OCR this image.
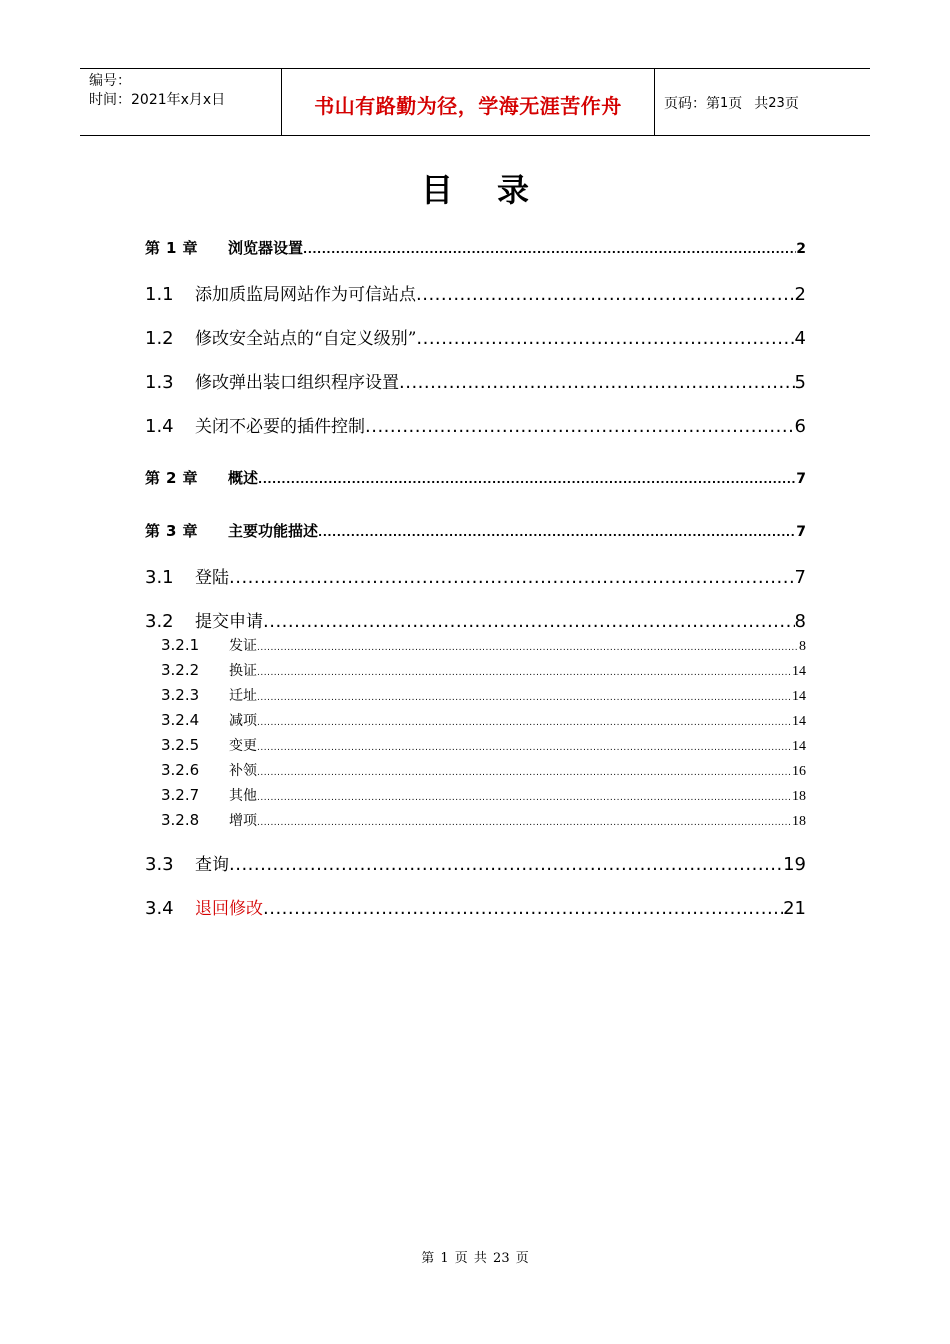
编号：
时间：2021年x月x日	书山有路勤为径，学海无涯苦作舟	页码：第 1 页 共 23 页
目录
第 1 章	浏览器设置 .....	2
1.1	添加质监局网站作为可信站点 .....	2
1.2	修改安全站点的“自定义级别” .....	4
1.3	修改弹出装口组织程序设置 .....	5
1.4	关闭不必要的插件控制 .....	6
第 2 章	概述 .....	7
第 3 章	主要功能描述 .....	7
3.1	登陆 .....	7
3.2	提交申请 .....	8
3.2.1	发证 .....	8
3.2.2	换证 .....	14
3.2.3	迁址 .....	14
3.2.4	减项 .....	14
3.2.5	变更 .....	14
3.2.6	补领 .....	16
3.2.7	其他 .....	18
3.2.8	增项 .....	18
3.3	查询 .....	19
3.4	退回修改 .....	21
第 1 页 共 23 页
